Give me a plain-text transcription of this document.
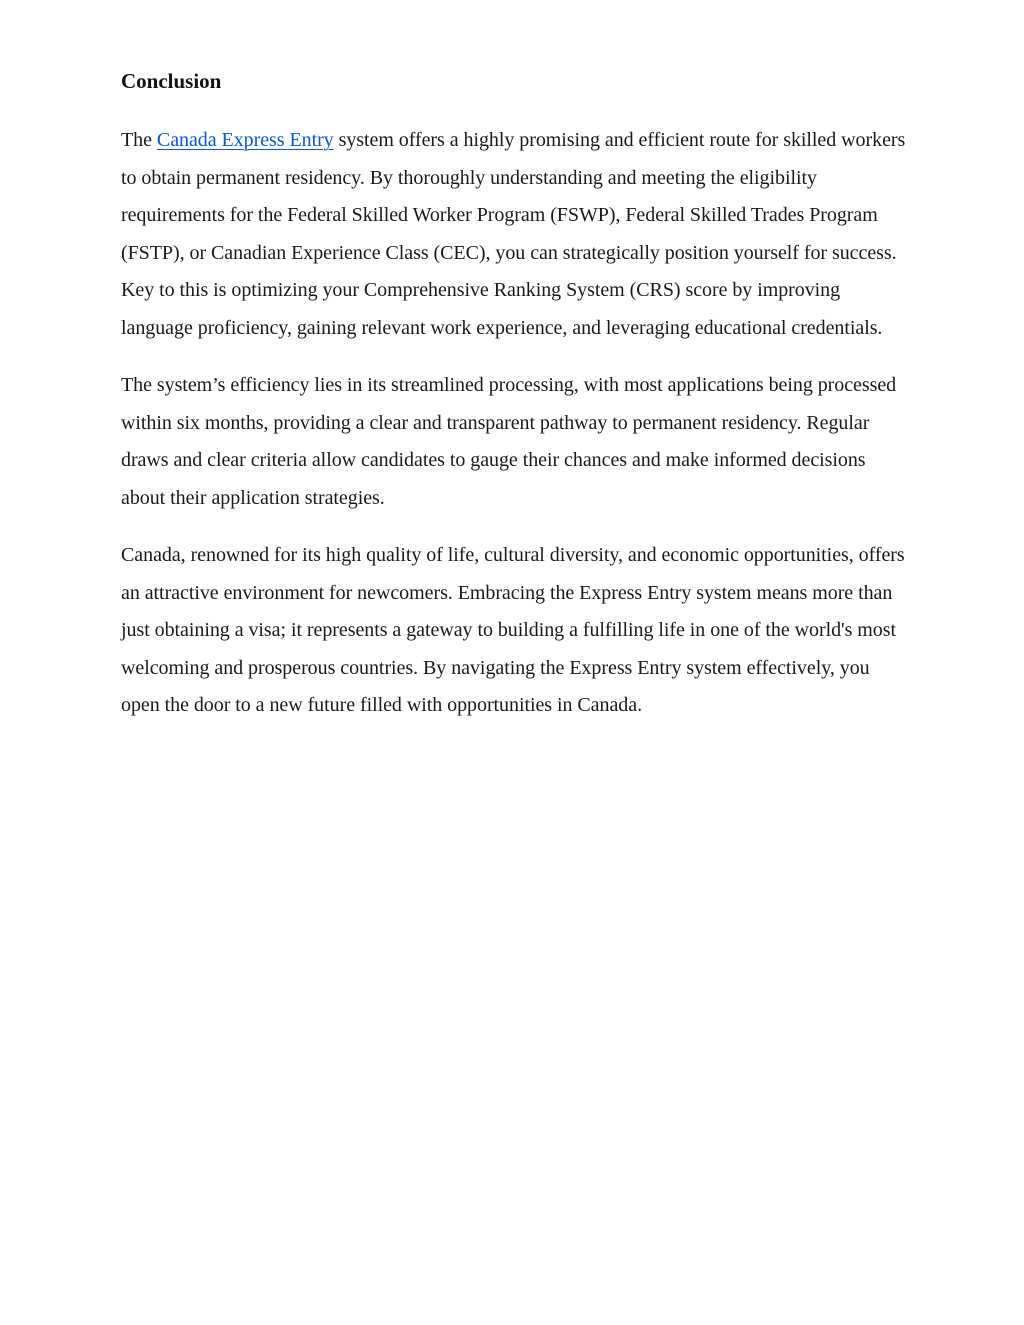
Conclusion

The Canada Express Entry system offers a highly promising and efficient route for skilled workers to obtain permanent residency. By thoroughly understanding and meeting the eligibility requirements for the Federal Skilled Worker Program (FSWP), Federal Skilled Trades Program (FSTP), or Canadian Experience Class (CEC), you can strategically position yourself for success. Key to this is optimizing your Comprehensive Ranking System (CRS) score by improving language proficiency, gaining relevant work experience, and leveraging educational credentials.

The system’s efficiency lies in its streamlined processing, with most applications being processed within six months, providing a clear and transparent pathway to permanent residency. Regular draws and clear criteria allow candidates to gauge their chances and make informed decisions about their application strategies.

Canada, renowned for its high quality of life, cultural diversity, and economic opportunities, offers an attractive environment for newcomers. Embracing the Express Entry system means more than just obtaining a visa; it represents a gateway to building a fulfilling life in one of the world's most welcoming and prosperous countries. By navigating the Express Entry system effectively, you open the door to a new future filled with opportunities in Canada.
